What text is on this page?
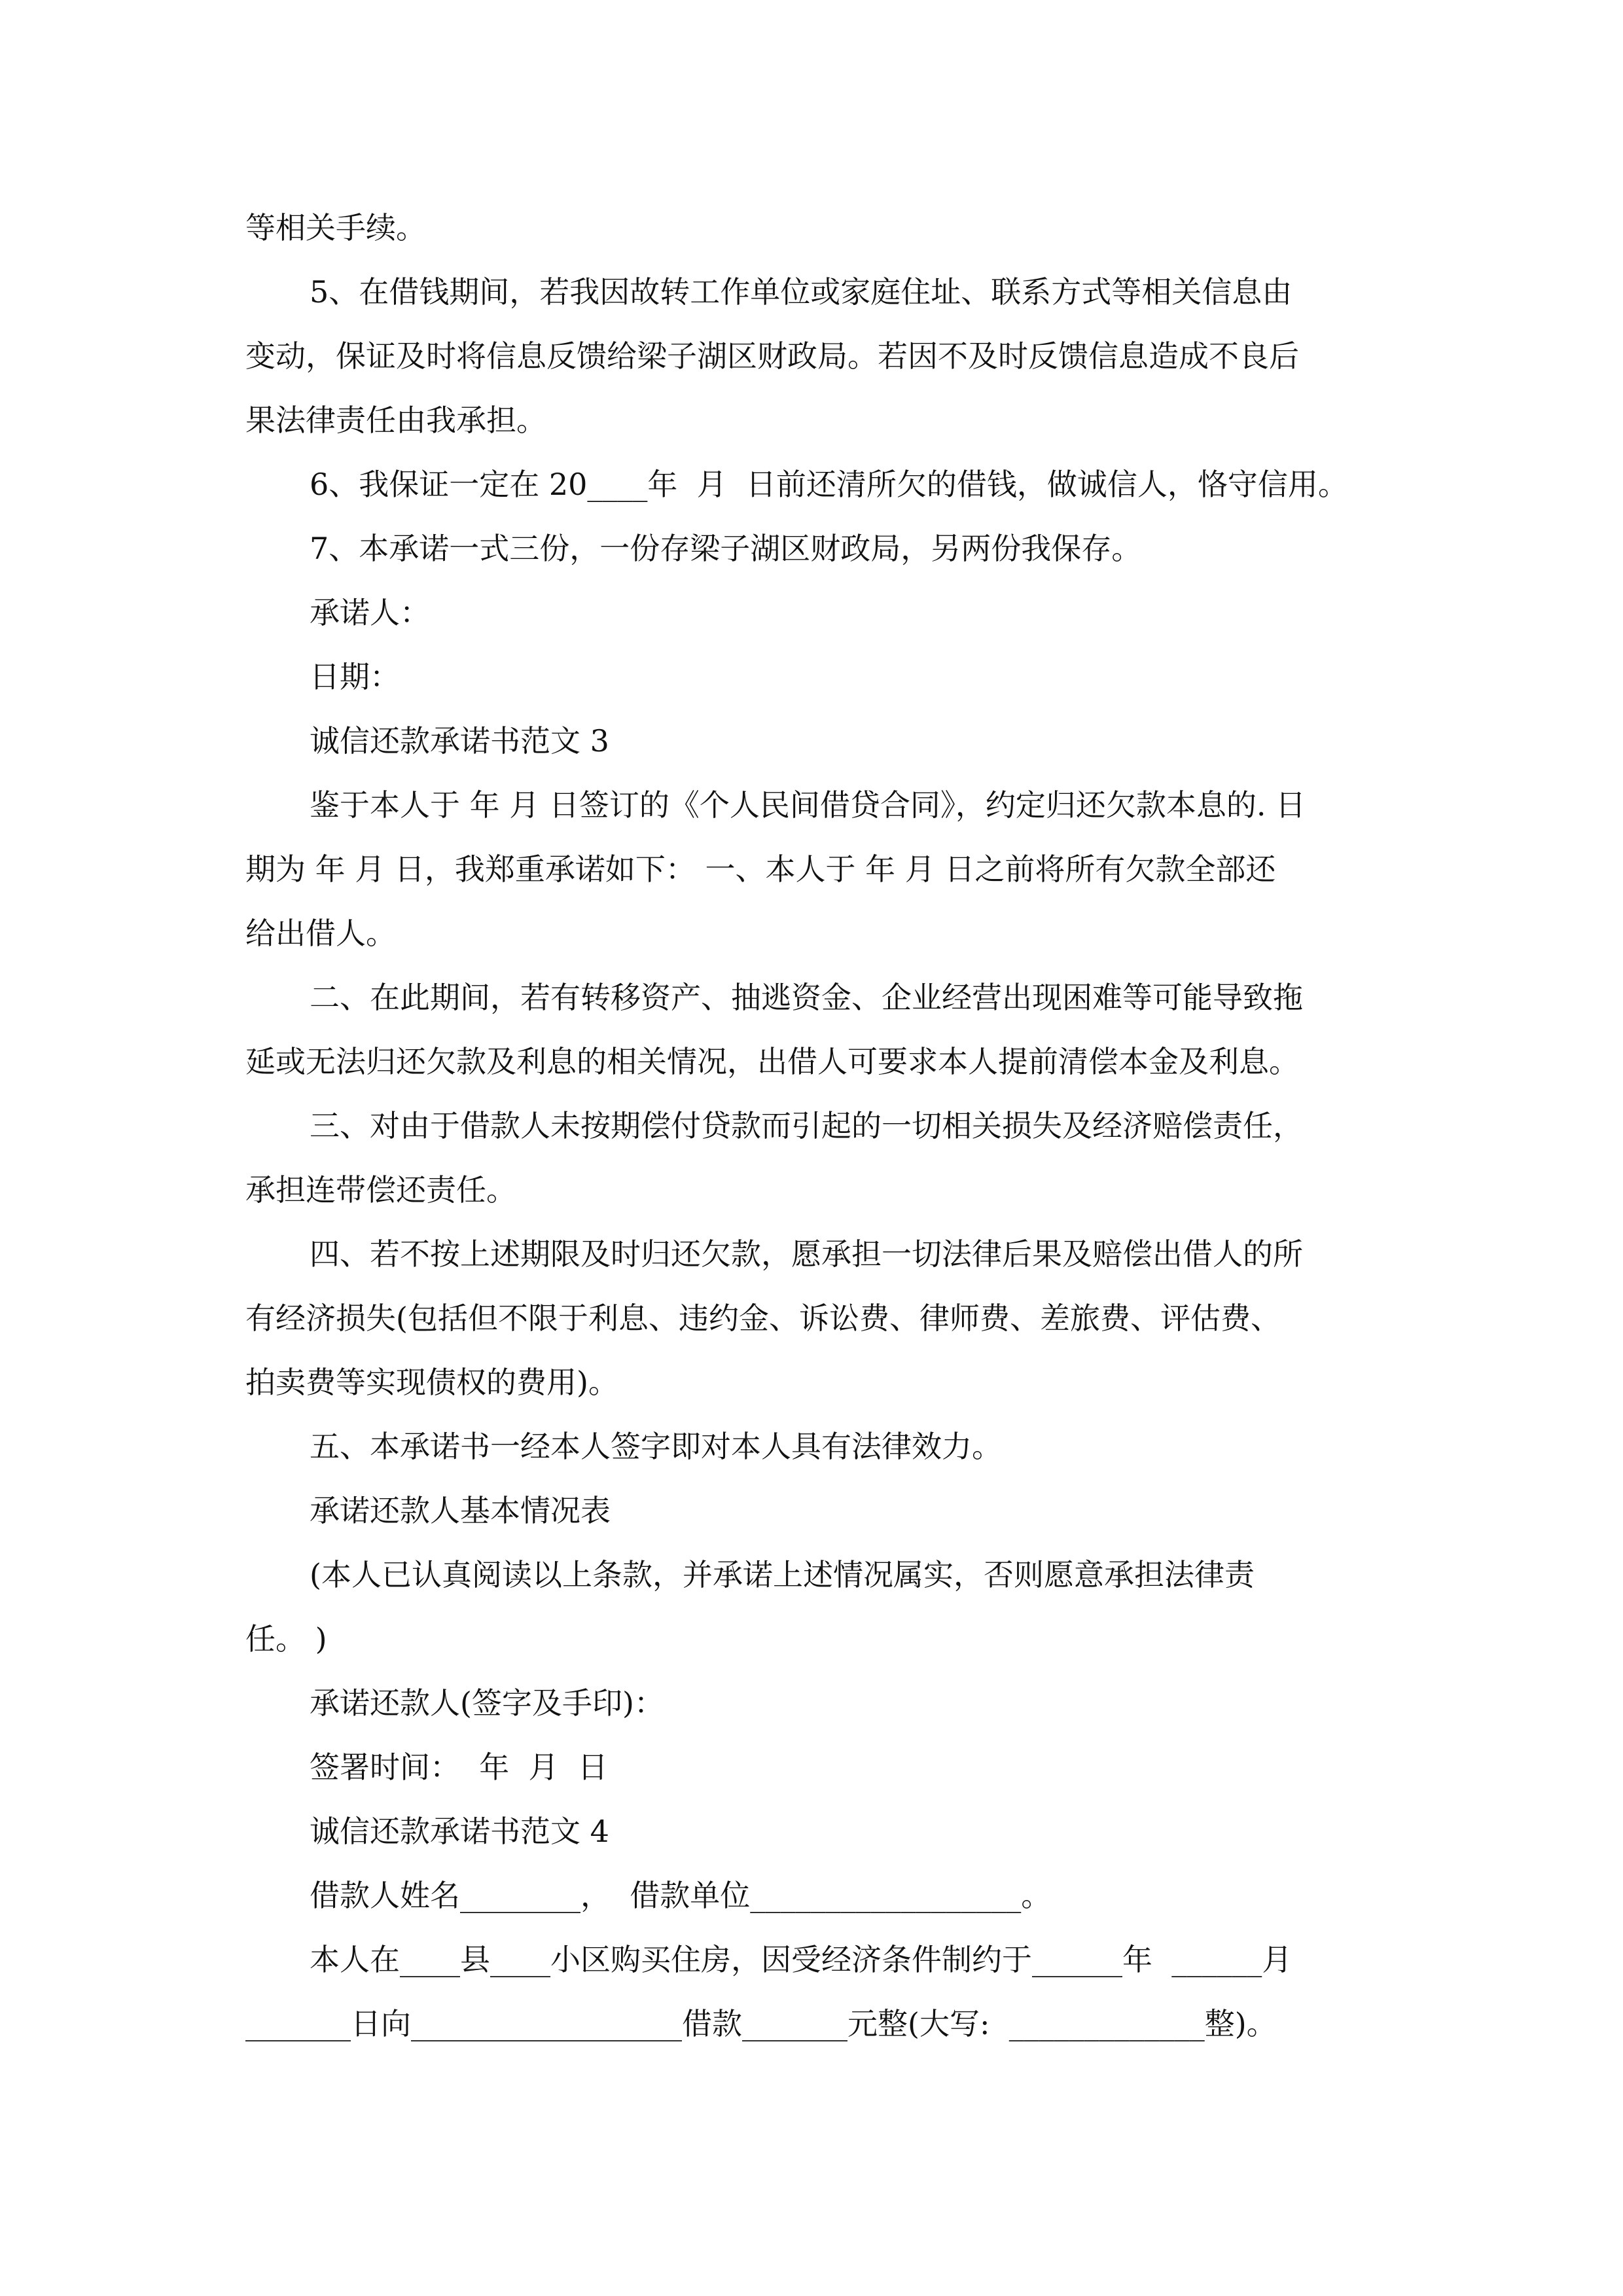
等相关手续。
5、在借钱期间，若我因故转工作单位或家庭住址、联系方式等相关信息由
变动，保证及时将信息反馈给梁子湖区财政局。若因不及时反馈信息造成不良后
果法律责任由我承担。
6、我保证一定在 20____年  月  日前还清所欠的借钱，做诚信人，恪守信用。
7、本承诺一式三份，一份存梁子湖区财政局，另两份我保存。
承诺人：
日期：
诚信还款承诺书范文 3
鉴于本人于 年 月 日签订的《个人民间借贷合同》，约定归还欠款本息的. 日
期为 年 月 日，我郑重承诺如下： 一、本人于 年 月 日之前将所有欠款全部还
给出借人。
二、在此期间，若有转移资产、抽逃资金、企业经营出现困难等可能导致拖
延或无法归还欠款及利息的相关情况，出借人可要求本人提前清偿本金及利息。
三、对由于借款人未按期偿付贷款而引起的一切相关损失及经济赔偿责任，
承担连带偿还责任。
四、若不按上述期限及时归还欠款，愿承担一切法律后果及赔偿出借人的所
有经济损失(包括但不限于利息、违约金、诉讼费、律师费、差旅费、评估费、
拍卖费等实现债权的费用)。
五、本承诺书一经本人签字即对本人具有法律效力。
承诺还款人基本情况表
(本人已认真阅读以上条款，并承诺上述情况属实，否则愿意承担法律责
任。 )
承诺还款人(签字及手印)：
签署时间：  年  月  日
诚信还款承诺书范文 4
借款人姓名________，  借款单位__________________。
本人在____县____小区购买住房，因受经济条件制约于______年  ______月
_______日向__________________借款_______元整(大写:  _____________整)。
